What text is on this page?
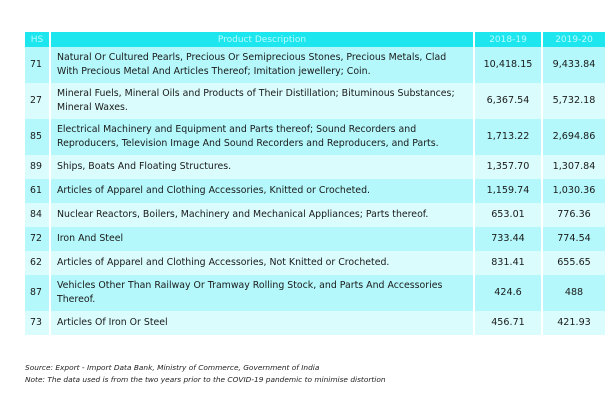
HS	Product Description	2018-19	2019-20
71	Natural Or Cultured Pearls, Precious Or Semiprecious Stones, Precious Metals, Clad With Precious Metal And Articles Thereof; Imitation jewellery; Coin.	10,418.15	9,433.84
27	Mineral Fuels, Mineral Oils and Products of Their Distillation; Bituminous Substances; Mineral Waxes.	6,367.54	5,732.18
85	Electrical Machinery and Equipment and Parts thereof; Sound Recorders and Reproducers, Television Image And Sound Recorders and Reproducers, and Parts.	1,713.22	2,694.86
89	Ships, Boats And Floating Structures.	1,357.70	1,307.84
61	Articles of Apparel and Clothing Accessories, Knitted or Crocheted.	1,159.74	1,030.36
84	Nuclear Reactors, Boilers, Machinery and Mechanical Appliances; Parts thereof.	653.01	776.36
72	Iron And Steel	733.44	774.54
62	Articles of Apparel and Clothing Accessories, Not Knitted or Crocheted.	831.41	655.65
87	Vehicles Other Than Railway Or Tramway Rolling Stock, and Parts And Accessories Thereof.	424.6	488
73	Articles Of Iron Or Steel	456.71	421.93
Source: Export - Import Data Bank, Ministry of Commerce, Government of India
Note: The data used is from the two years prior to the COVID-19 pandemic to minimise distortion
